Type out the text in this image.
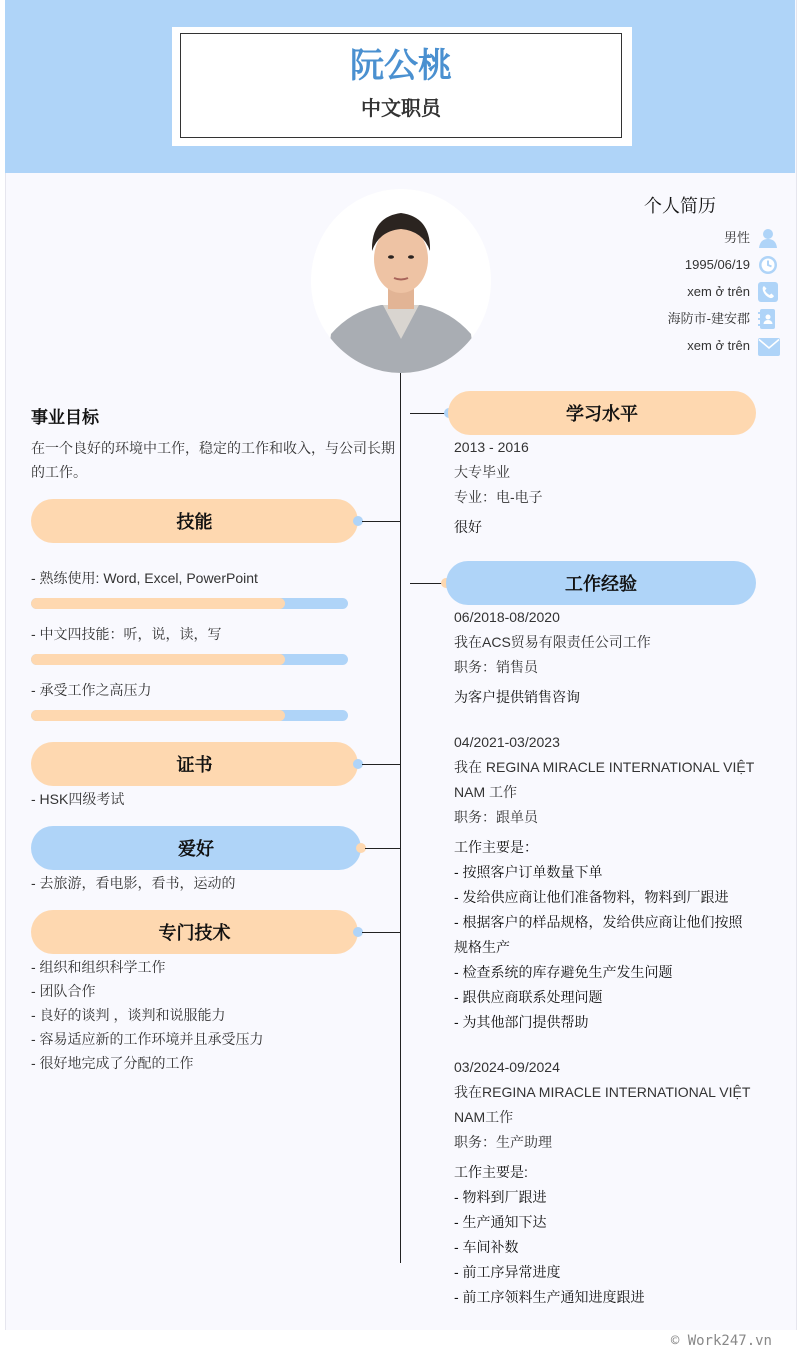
阮公桃
中文职员
个人简历
男性
1995/06/19
xem ở trên
海防市-建安郡
xem ở trên
事业目标
在一个良好的环境中工作，稳定的工作和收入，与公司长期
的工作。
技能
- 熟练使用: Word, Excel, PowerPoint
- 中文四技能：听，说，读，写
- 承受工作之高压力
证书
- HSK四级考试
爱好
- 去旅游，看电影，看书，运动的
专门技术
- 组织和组织科学工作
- 团队合作
- 良好的谈判 ，谈判和说服能力
- 容易适应新的工作环境并且承受压力
- 很好地完成了分配的工作
学习水平
2013 - 2016
大专毕业
专业：电-电子
很好
工作经验
06/2018-08/2020
我在ACS贸易有限责任公司工作
职务：销售员
为客户提供销售咨询
04/2021-03/2023
我在 REGINA MIRACLE INTERNATIONAL VIỆT
NAM 工作
职务：跟单员
工作主要是：
- 按照客户订单数量下单
- 发给供应商让他们准备物料，物料到厂跟进
- 根据客户的样品规格，发给供应商让他们按照
规格生产
- 检查系统的库存避免生产发生问题
- 跟供应商联系处理问题
- 为其他部门提供帮助
03/2024-09/2024
我在REGINA MIRACLE INTERNATIONAL VIỆT
NAM工作
职务：生产助理
工作主要是:
- 物料到厂跟进
- 生产通知下达
- 车间补数
- 前工序异常进度
- 前工序领料生产通知进度跟进
© Work247.vn
